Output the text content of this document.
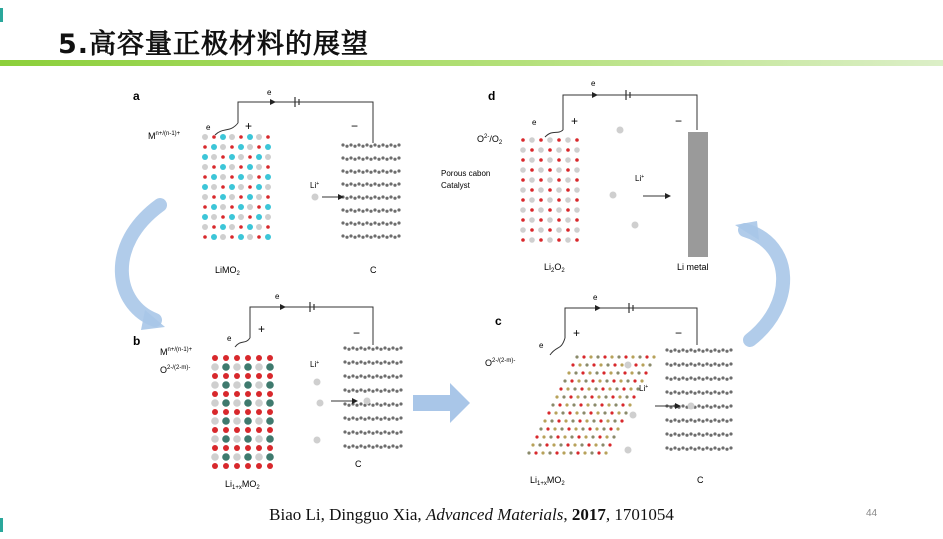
5.高容量正极材料的展望
a	e
e	+	−
$M^{n+/(n-1)+}$
Li+
LiMO$_2$	C
b
e
e
+	−
$M^{n+/(n-1)+}$
$O^{2-/(2-m)-}$	Li+
$Li_{1+x}MO_2$
C
d
e
e	+	−
$O^{2-}/O_2$
Porous cabon
Catalyst
Li+
$Li_2O_2$	Li metal
c
e
e
+	−
$O^{2-/(2-m)-}$
Li+
$Li_{1+x}MO_2$	C
Biao Li, Dingguo Xia, Advanced Materials, 2017, 1701054	44
